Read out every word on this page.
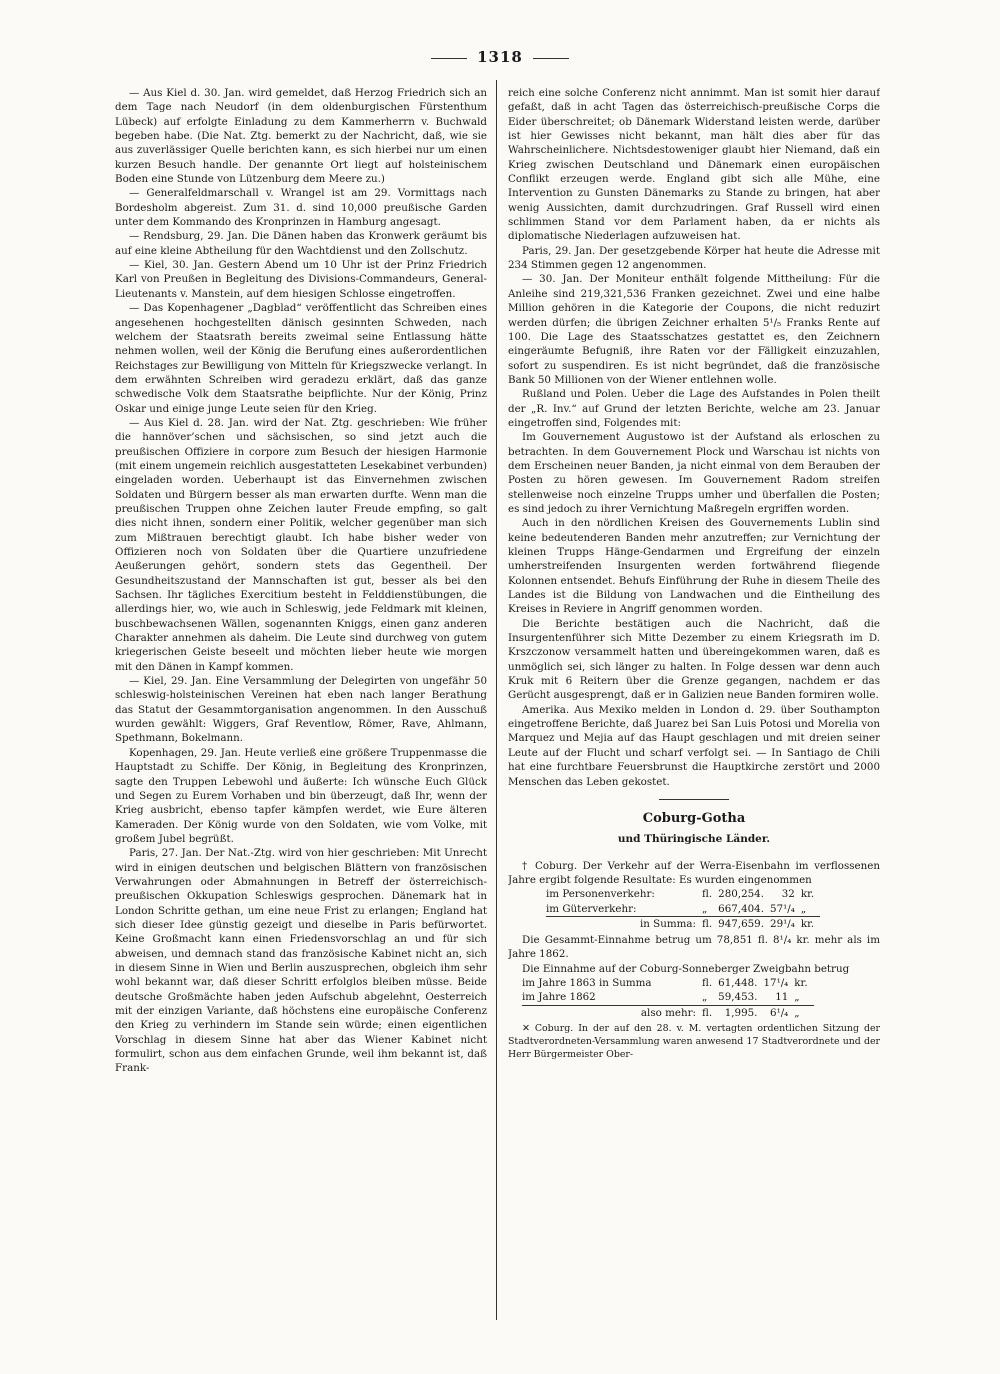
1318

— Aus Kiel d. 30. Jan. wird gemeldet, daß Herzog Friedrich sich an dem Tage nach Neudorf (in dem oldenburgischen Fürstenthum Lübeck) auf erfolgte Einladung zu dem Kammerherrn v. Buchwald begeben habe. (Die Nat. Ztg. bemerkt zu der Nachricht, daß, wie sie aus zuverlässiger Quelle berichten kann, es sich hierbei nur um einen kurzen Besuch handle. Der genannte Ort liegt auf holsteinischem Boden eine Stunde von Lützenburg dem Meere zu.)

— Generalfeldmarschall v. Wrangel ist am 29. Vormittags nach Bordesholm abgereist. Zum 31. d. sind 10,000 preußische Garden unter dem Kommando des Kronprinzen in Hamburg angesagt.

— Rendsburg, 29. Jan. Die Dänen haben das Kronwerk geräumt bis auf eine kleine Abtheilung für den Wachtdienst und den Zollschutz.

— Kiel, 30. Jan. Gestern Abend um 10 Uhr ist der Prinz Friedrich Karl von Preußen in Begleitung des Divisions-Commandeurs, General-Lieutenants v. Manstein, auf dem hiesigen Schlosse eingetroffen.

— Das Kopenhagener „Dagblad“ veröffentlicht das Schreiben eines angesehenen hochgestellten dänisch gesinnten Schweden, nach welchem der Staatsrath bereits zweimal seine Entlassung hätte nehmen wollen, weil der König die Berufung eines außerordentlichen Reichstages zur Bewilligung von Mitteln für Kriegszwecke verlangt. In dem erwähnten Schreiben wird geradezu erklärt, daß das ganze schwedische Volk dem Staatsrathe beipflichte. Nur der König, Prinz Oskar und einige junge Leute seien für den Krieg.

— Aus Kiel d. 28. Jan. wird der Nat. Ztg. geschrieben: Wie früher die hannöver’schen und sächsischen, so sind jetzt auch die preußischen Offiziere in corpore zum Besuch der hiesigen Harmonie (mit einem ungemein reichlich ausgestatteten Lesekabinet verbunden) eingeladen worden. Ueberhaupt ist das Einvernehmen zwischen Soldaten und Bürgern besser als man erwarten durfte. Wenn man die preußischen Truppen ohne Zeichen lauter Freude empfing, so galt dies nicht ihnen, sondern einer Politik, welcher gegenüber man sich zum Mißtrauen berechtigt glaubt. Ich habe bisher weder von Offizieren noch von Soldaten über die Quartiere unzufriedene Aeußerungen gehört, sondern stets das Gegentheil. Der Gesundheitszustand der Mannschaften ist gut, besser als bei den Sachsen. Ihr tägliches Exercitium besteht in Felddienstübungen, die allerdings hier, wo, wie auch in Schleswig, jede Feldmark mit kleinen, buschbewachsenen Wällen, sogenannten Kniggs, einen ganz anderen Charakter annehmen als daheim. Die Leute sind durchweg von gutem kriegerischen Geiste beseelt und möchten lieber heute wie morgen mit den Dänen in Kampf kommen.

— Kiel, 29. Jan. Eine Versammlung der Delegirten von ungefähr 50 schleswig-holsteinischen Vereinen hat eben nach langer Berathung das Statut der Gesammtorganisation angenommen. In den Ausschuß wurden gewählt: Wiggers, Graf Reventlow, Römer, Rave, Ahlmann, Spethmann, Bokelmann.

Kopenhagen, 29. Jan. Heute verließ eine größere Truppenmasse die Hauptstadt zu Schiffe. Der König, in Begleitung des Kronprinzen, sagte den Truppen Lebewohl und äußerte: Ich wünsche Euch Glück und Segen zu Eurem Vorhaben und bin überzeugt, daß Ihr, wenn der Krieg ausbricht, ebenso tapfer kämpfen werdet, wie Eure älteren Kameraden. Der König wurde von den Soldaten, wie vom Volke, mit großem Jubel begrüßt.

Paris, 27. Jan. Der Nat.-Ztg. wird von hier geschrieben: Mit Unrecht wird in einigen deutschen und belgischen Blättern von französischen Verwahrungen oder Abmahnungen in Betreff der österreichisch-preußischen Okkupation Schleswigs gesprochen. Dänemark hat in London Schritte gethan, um eine neue Frist zu erlangen; England hat sich dieser Idee günstig gezeigt und dieselbe in Paris befürwortet. Keine Großmacht kann einen Friedensvorschlag an und für sich abweisen, und demnach stand das französische Kabinet nicht an, sich in diesem Sinne in Wien und Berlin auszusprechen, obgleich ihm sehr wohl bekannt war, daß dieser Schritt erfolglos bleiben müsse. Beide deutsche Großmächte haben jeden Aufschub abgelehnt, Oesterreich mit der einzigen Variante, daß höchstens eine europäische Conferenz den Krieg zu verhindern im Stande sein würde; einen eigentlichen Vorschlag in diesem Sinne hat aber das Wiener Kabinet nicht formulirt, schon aus dem einfachen Grunde, weil ihm bekannt ist, daß Frank-

reich eine solche Conferenz nicht annimmt. Man ist somit hier darauf gefaßt, daß in acht Tagen das österreichisch-preußische Corps die Eider überschreitet; ob Dänemark Widerstand leisten werde, darüber ist hier Gewisses nicht bekannt, man hält dies aber für das Wahrscheinlichere. Nichtsdestoweniger glaubt hier Niemand, daß ein Krieg zwischen Deutschland und Dänemark einen europäischen Conflikt erzeugen werde. England gibt sich alle Mühe, eine Intervention zu Gunsten Dänemarks zu Stande zu bringen, hat aber wenig Aussichten, damit durchzudringen. Graf Russell wird einen schlimmen Stand vor dem Parlament haben, da er nichts als diplomatische Niederlagen aufzuweisen hat.

Paris, 29. Jan. Der gesetzgebende Körper hat heute die Adresse mit 234 Stimmen gegen 12 angenommen.

— 30. Jan. Der Moniteur enthält folgende Mittheilung: Für die Anleihe sind 219,321,536 Franken gezeichnet. Zwei und eine halbe Million gehören in die Kategorie der Coupons, die nicht reduzirt werden dürfen; die übrigen Zeichner erhalten 5¹/₅ Franks Rente auf 100. Die Lage des Staatsschatzes gestattet es, den Zeichnern eingeräumte Befugniß, ihre Raten vor der Fälligkeit einzuzahlen, sofort zu suspendiren. Es ist nicht begründet, daß die französische Bank 50 Millionen von der Wiener entlehnen wolle.

Rußland und Polen. Ueber die Lage des Aufstandes in Polen theilt der „R. Inv.“ auf Grund der letzten Berichte, welche am 23. Januar eingetroffen sind, Folgendes mit:

Im Gouvernement Augustowo ist der Aufstand als erloschen zu betrachten. In dem Gouvernement Plock und Warschau ist nichts von dem Erscheinen neuer Banden, ja nicht einmal von dem Berauben der Posten zu hören gewesen. Im Gouvernement Radom streifen stellenweise noch einzelne Trupps umher und überfallen die Posten; es sind jedoch zu ihrer Vernichtung Maßregeln ergriffen worden.

Auch in den nördlichen Kreisen des Gouvernements Lublin sind keine bedeutenderen Banden mehr anzutreffen; zur Vernichtung der kleinen Trupps Hänge-Gendarmen und Ergreifung der einzeln umherstreifenden Insurgenten werden fortwährend fliegende Kolonnen entsendet. Behufs Einführung der Ruhe in diesem Theile des Landes ist die Bildung von Landwachen und die Eintheilung des Kreises in Reviere in Angriff genommen worden.

Die Berichte bestätigen auch die Nachricht, daß die Insurgentenführer sich Mitte Dezember zu einem Kriegsrath im D. Krszczonow versammelt hatten und übereingekommen waren, daß es unmöglich sei, sich länger zu halten. In Folge dessen war denn auch Kruk mit 6 Reitern über die Grenze gegangen, nachdem er das Gerücht ausgesprengt, daß er in Galizien neue Banden formiren wolle.

Amerika. Aus Mexiko melden in London d. 29. über Southampton eingetroffene Berichte, daß Juarez bei San Luis Potosi und Morelia von Marquez und Mejia auf das Haupt geschlagen und mit dreien seiner Leute auf der Flucht und scharf verfolgt sei. — In Santiago de Chili hat eine furchtbare Feuersbrunst die Hauptkirche zerstört und 2000 Menschen das Leben gekostet.

Coburg-Gotha
und Thüringische Länder.

† Coburg. Der Verkehr auf der Werra-Eisenbahn im verflossenen Jahre ergibt folgende Resultate: Es wurden eingenommen

im Personenverkehr:	fl.	280,254.	32	kr.
im Güterverkehr:	„	667,404.	57¹/₄	„
in Summa:	fl.	947,659.	29¹/₄	kr.

Die Gesammt-Einnahme betrug um 78,851 fl. 8¹/₄ kr. mehr als im Jahre 1862.

Die Einnahme auf der Coburg-Sonneberger Zweigbahn betrug

im Jahre 1863 in Summa	fl.	61,448.	17¹/₄	kr.
im Jahre 1862	„	59,453.	11	„
also mehr:	fl.	1,995.	6¹/₄	„

✕ Coburg. In der auf den 28. v. M. vertagten ordentlichen Sitzung der Stadtverordneten-Versammlung waren anwesend 17 Stadtverordnete und der Herr Bürgermeister Ober-
